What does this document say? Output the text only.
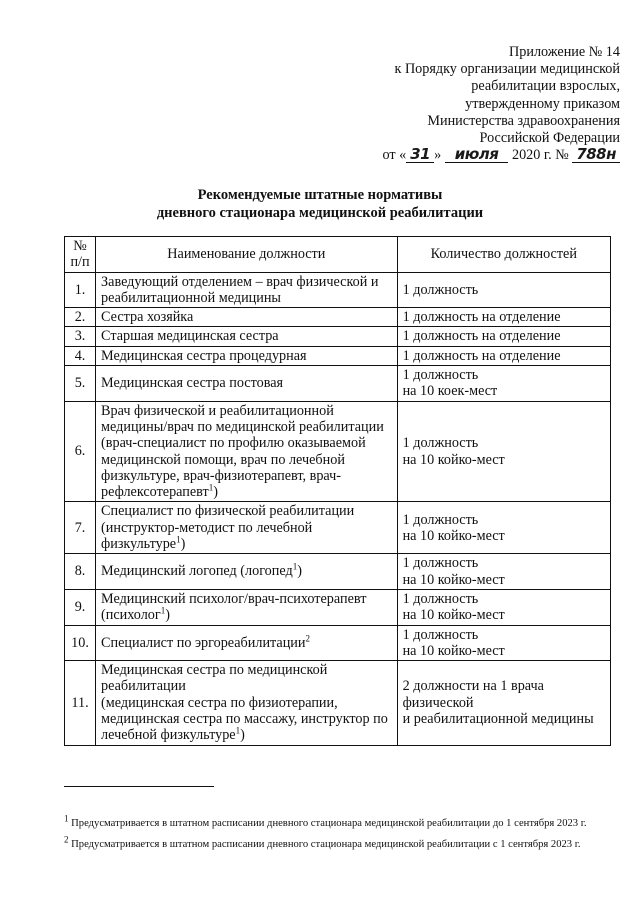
Приложение № 14
к Порядку организации медицинской
реабилитации взрослых,
утвержденному приказом
Министерства здравоохранения
Российской Федерации
от « 31 » июля 2020 г. № 788н
Рекомендуемые штатные нормативы
дневного стационара медицинской реабилитации
№
п/п	Наименование должности	Количество должностей
1.	Заведующий отделением – врач физической и реабилитационной медицины	1 должность

2.	Сестра хозяйка	1 должность на отделение

3.	Старшая медицинская сестра	1 должность на отделение

4.	Медицинская сестра процедурная	1 должность на отделение

5.	Медицинская сестра постовая	1 должность
на 10 коек-мест

6.	Врач физической и реабилитационной медицины/врач по медицинской реабилитации
(врач-специалист по профилю оказываемой медицинской помощи, врач по лечебной физкультуре, врач-физиотерапевт, врач-рефлексотерапевт$^1$)	1 должность
на 10 койко-мест

7.	Специалист по физической реабилитации (инструктор-методист по лечебной физкультуре$^1$)	1 должность
на 10 койко-мест

8.	Медицинский логопед (логопед$^1$)	1 должность
на 10 койко-мест

9.	Медицинский психолог/врач-психотерапевт (психолог$^1$)	1 должность
на 10 койко-мест

10.	Специалист по эргореабилитации$^2$	1 должность
на 10 койко-мест

11.	Медицинская сестра по медицинской реабилитации
(медицинская сестра по физиотерапии, медицинская сестра по массажу, инструктор по лечебной физкультуре$^1$)	2 должности на 1 врача физической
и реабилитационной медицины
$^1$ Предусматривается в штатном расписании дневного стационара медицинской реабилитации до 1 сентября 2023 г.
$^2$ Предусматривается в штатном расписании дневного стационара медицинской реабилитации с 1 сентября 2023 г.
